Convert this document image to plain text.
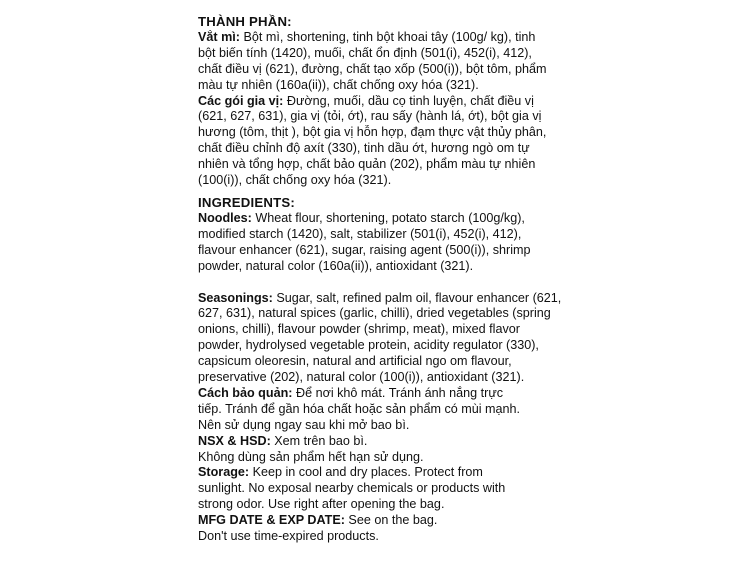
THÀNH PHẦN:

Vắt mì: Bột mì, shortening, tinh bột khoai tây (100g/ kg), tinh
bột biến tính (1420), muối, chất ổn định (501(i), 452(i), 412),
chất điều vị (621), đường, chất tạo xốp (500(i)), bột tôm, phẩm
màu tự nhiên (160a(ii)), chất chống oxy hóa (321).
Các gói gia vị: Đường, muối, dầu cọ tinh luyện, chất điều vị
(621, 627, 631), gia vị (tỏi, ớt), rau sấy (hành lá, ớt), bột gia vị
hương (tôm, thịt ), bột gia vị hỗn hợp, đạm thực vật thủy phân,
chất điều chỉnh độ axít (330), tinh dầu ớt, hương ngò om tự
nhiên và tổng hợp, chất bảo quản (202), phẩm màu tự nhiên
(100(i)), chất chống oxy hóa (321).

INGREDIENTS:

Noodles: Wheat flour, shortening, potato starch (100g/kg),
modified starch (1420), salt, stabilizer (501(i), 452(i), 412),
flavour enhancer (621), sugar, raising agent (500(i)), shrimp
powder, natural color (160a(ii)), antioxidant (321).
Seasonings: Sugar, salt, refined palm oil, flavour enhancer (621,
627, 631), natural spices (garlic, chilli), dried vegetables (spring
onions, chilli), flavour powder (shrimp, meat), mixed flavor
powder, hydrolysed vegetable protein, acidity regulator (330),
capsicum oleoresin, natural and artificial ngo om flavour,
preservative (202), natural color (100(i)), antioxidant (321).
Cách bảo quản: Để nơi khô mát. Tránh ánh nắng trực
tiếp. Tránh để gần hóa chất hoặc sản phẩm có mùi mạnh.
Nên sử dụng ngay sau khi mở bao bì.
NSX & HSD: Xem trên bao bì.
Không dùng sản phẩm hết hạn sử dụng.
Storage: Keep in cool and dry places. Protect from
sunlight. No exposal nearby chemicals or products with
strong odor. Use right after opening the bag.
MFG DATE & EXP DATE: See on the bag.
Don't use time-expired products.
